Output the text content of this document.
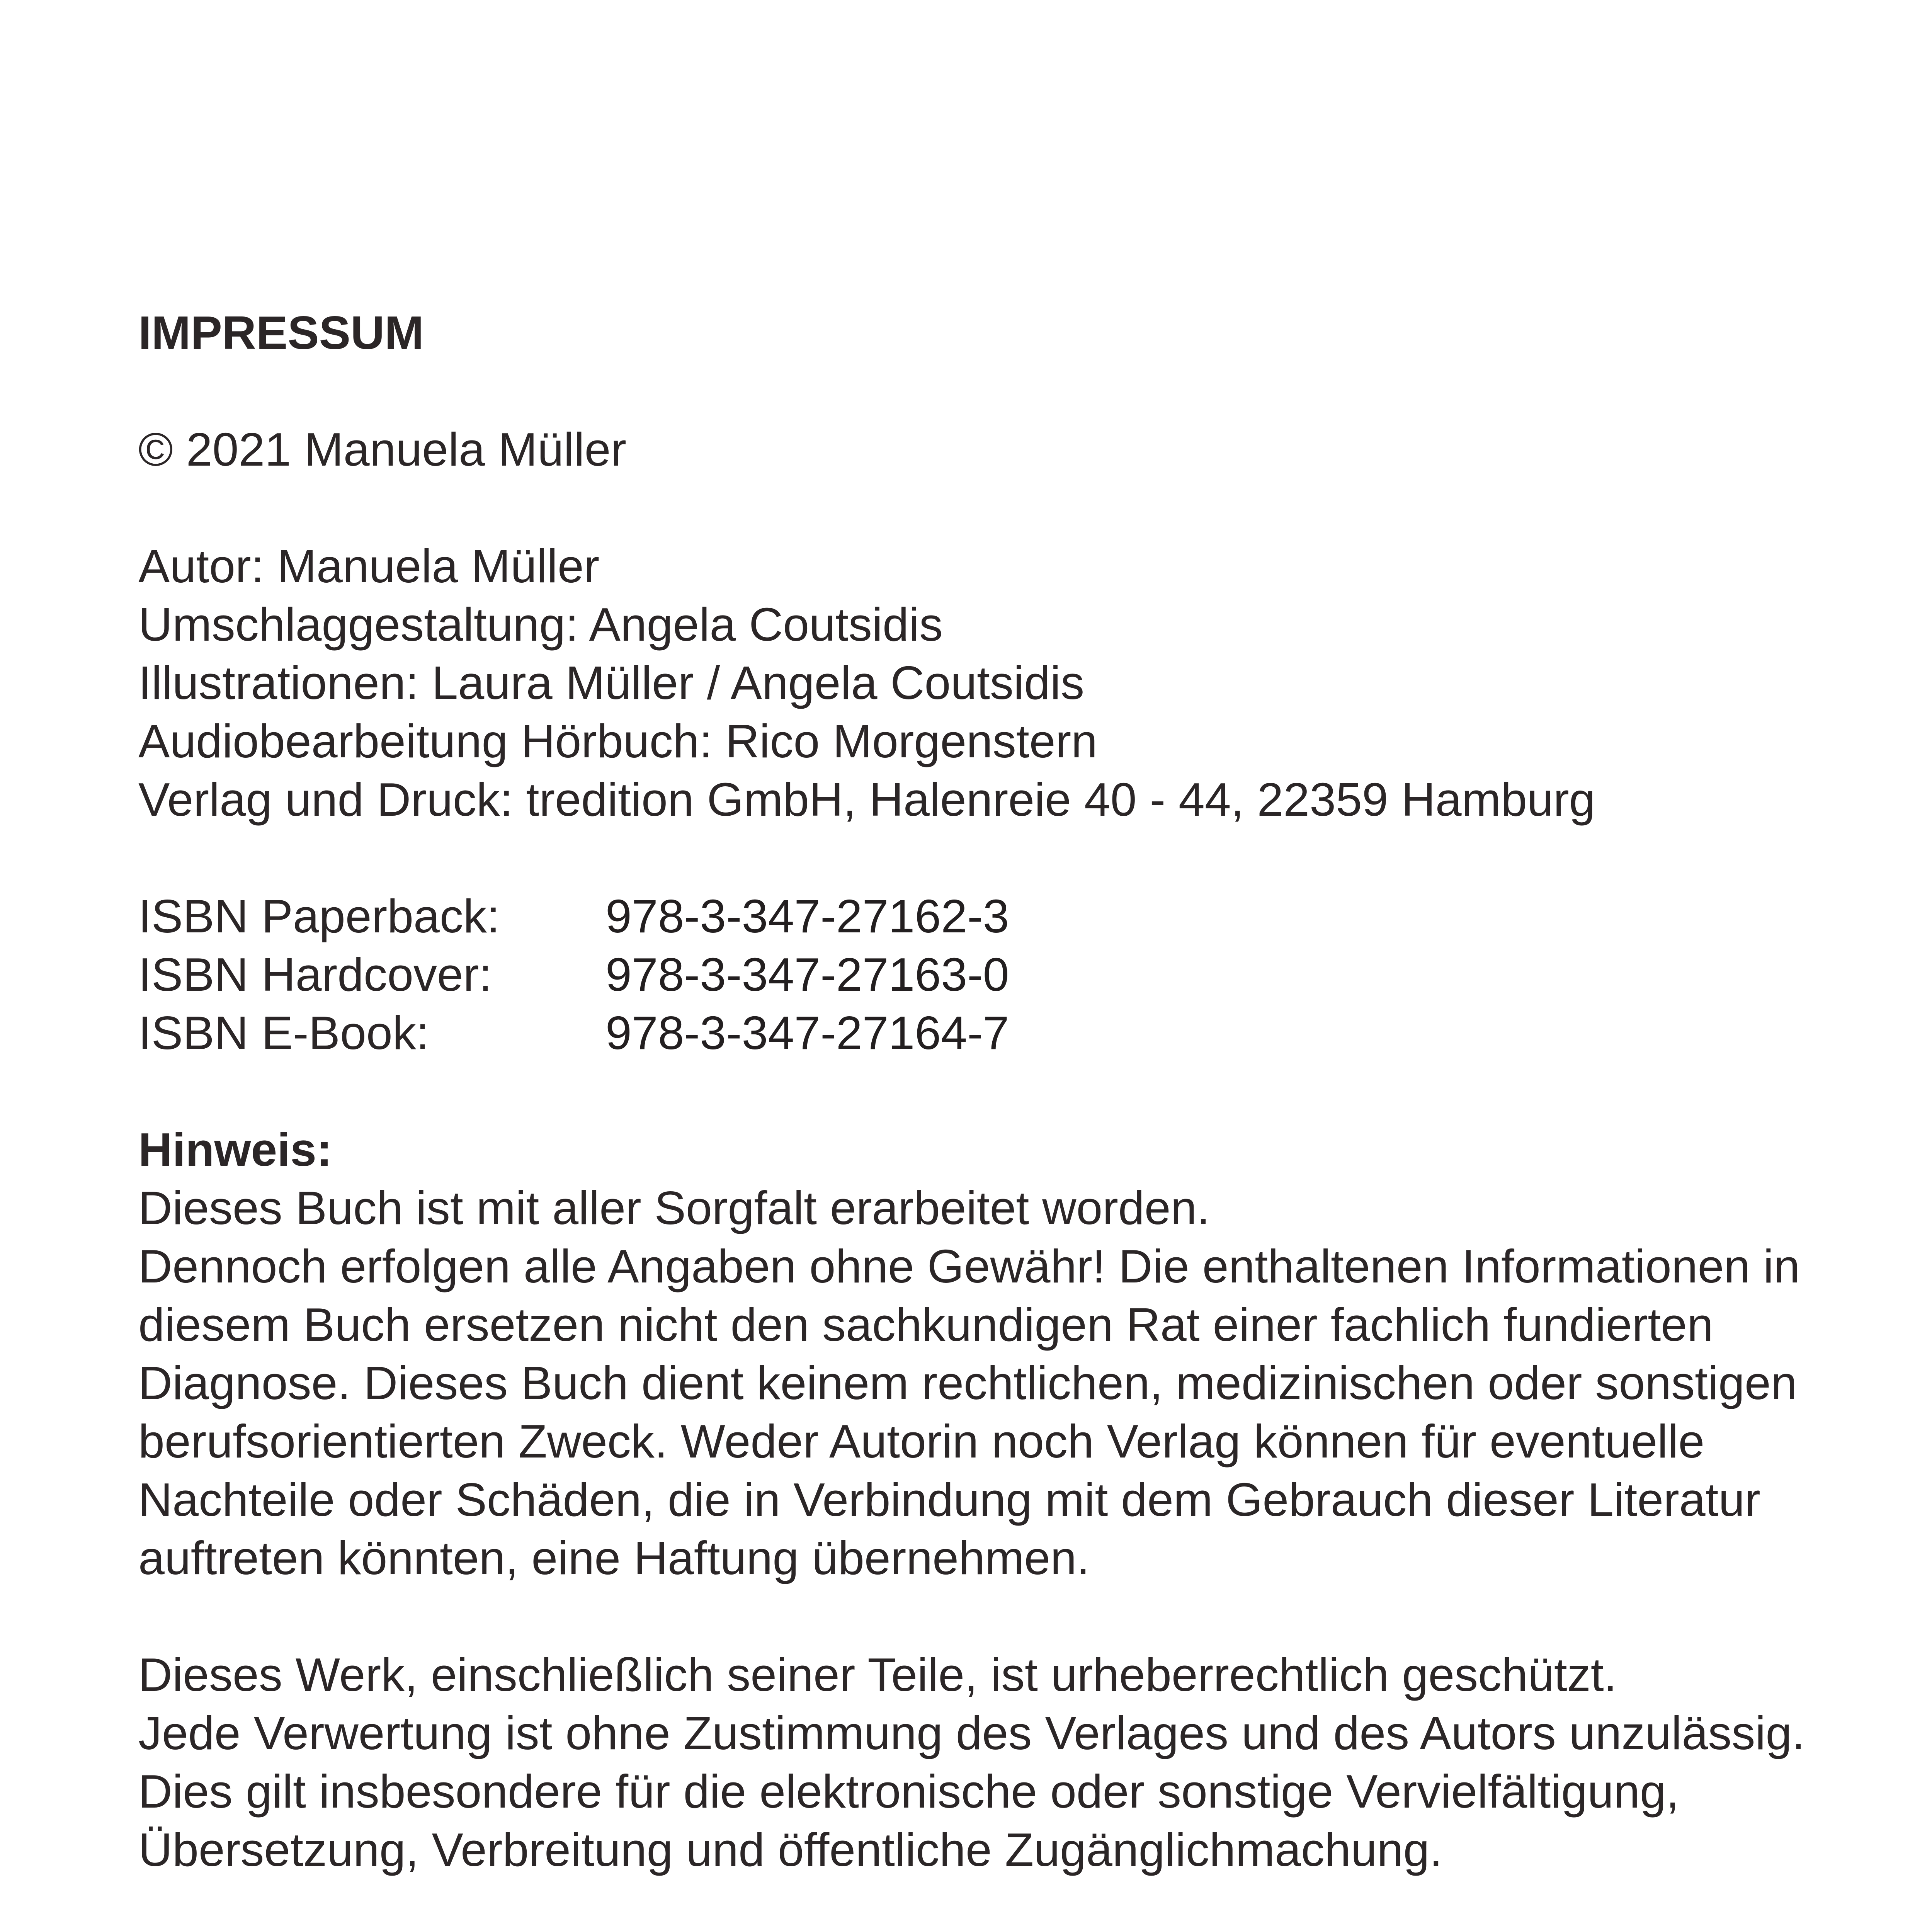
IMPRESSUM

© 2021 Manuela Müller

Autor: Manuela Müller

Umschlaggestaltung: Angela Coutsidis

Illustrationen: Laura Müller / Angela Coutsidis

Audiobearbeitung Hörbuch: Rico Morgenstern

Verlag und Druck: tredition GmbH, Halenreie 40 - 44, 22359 Hamburg

ISBN Paperback:	978-3-347-27162-3
ISBN Hardcover:	978-3-347-27163-0
ISBN E-Book:	978-3-347-27164-7

Hinweis:

Dieses Buch ist mit aller Sorgfalt erarbeitet worden.

Dennoch erfolgen alle Angaben ohne Gewähr! Die enthaltenen Informationen in

diesem Buch ersetzen nicht den sachkundigen Rat einer fachlich fundierten

Diagnose. Dieses Buch dient keinem rechtlichen, medizinischen oder sonstigen

berufsorientierten Zweck. Weder Autorin noch Verlag können für eventuelle

Nachteile oder Schäden, die in Verbindung mit dem Gebrauch dieser Literatur

auftreten könnten, eine Haftung übernehmen.

Dieses Werk, einschließlich seiner Teile, ist urheberrechtlich geschützt.

Jede Verwertung ist ohne Zustimmung des Verlages und des Autors unzulässig.

Dies gilt insbesondere für die elektronische oder sonstige Vervielfältigung,

Übersetzung, Verbreitung und öffentliche Zugänglichmachung.
